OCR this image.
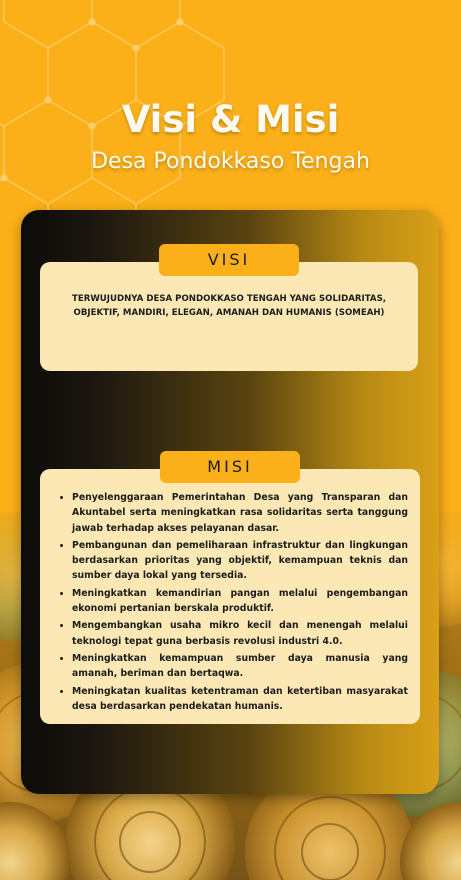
Visi & Misi
Desa Pondokkaso Tengah
VISI
TERWUJUDNYA DESA PONDOKKASO TENGAH YANG SOLIDARITAS, OBJEKTIF, MANDIRI, ELEGAN, AMANAH DAN HUMANIS (SOMEAH)
MISI
• Penyelenggaraan Pemerintahan Desa yang Transparan dan Akuntabel serta meningkatkan rasa solidaritas serta tanggung jawab terhadap akses pelayanan dasar.
• Pembangunan dan pemeliharaan infrastruktur dan lingkungan berdasarkan prioritas yang objektif, kemampuan teknis dan sumber daya lokal yang tersedia.
• Meningkatkan kemandirian pangan melalui pengembangan ekonomi pertanian berskala produktif.
• Mengembangkan usaha mikro kecil dan menengah melalui teknologi tepat guna berbasis revolusi industri 4.0.
• Meningkatkan kemampuan sumber daya manusia yang amanah, beriman dan bertaqwa.
• Meningkatan kualitas ketentraman dan ketertiban masyarakat desa berdasarkan pendekatan humanis.
